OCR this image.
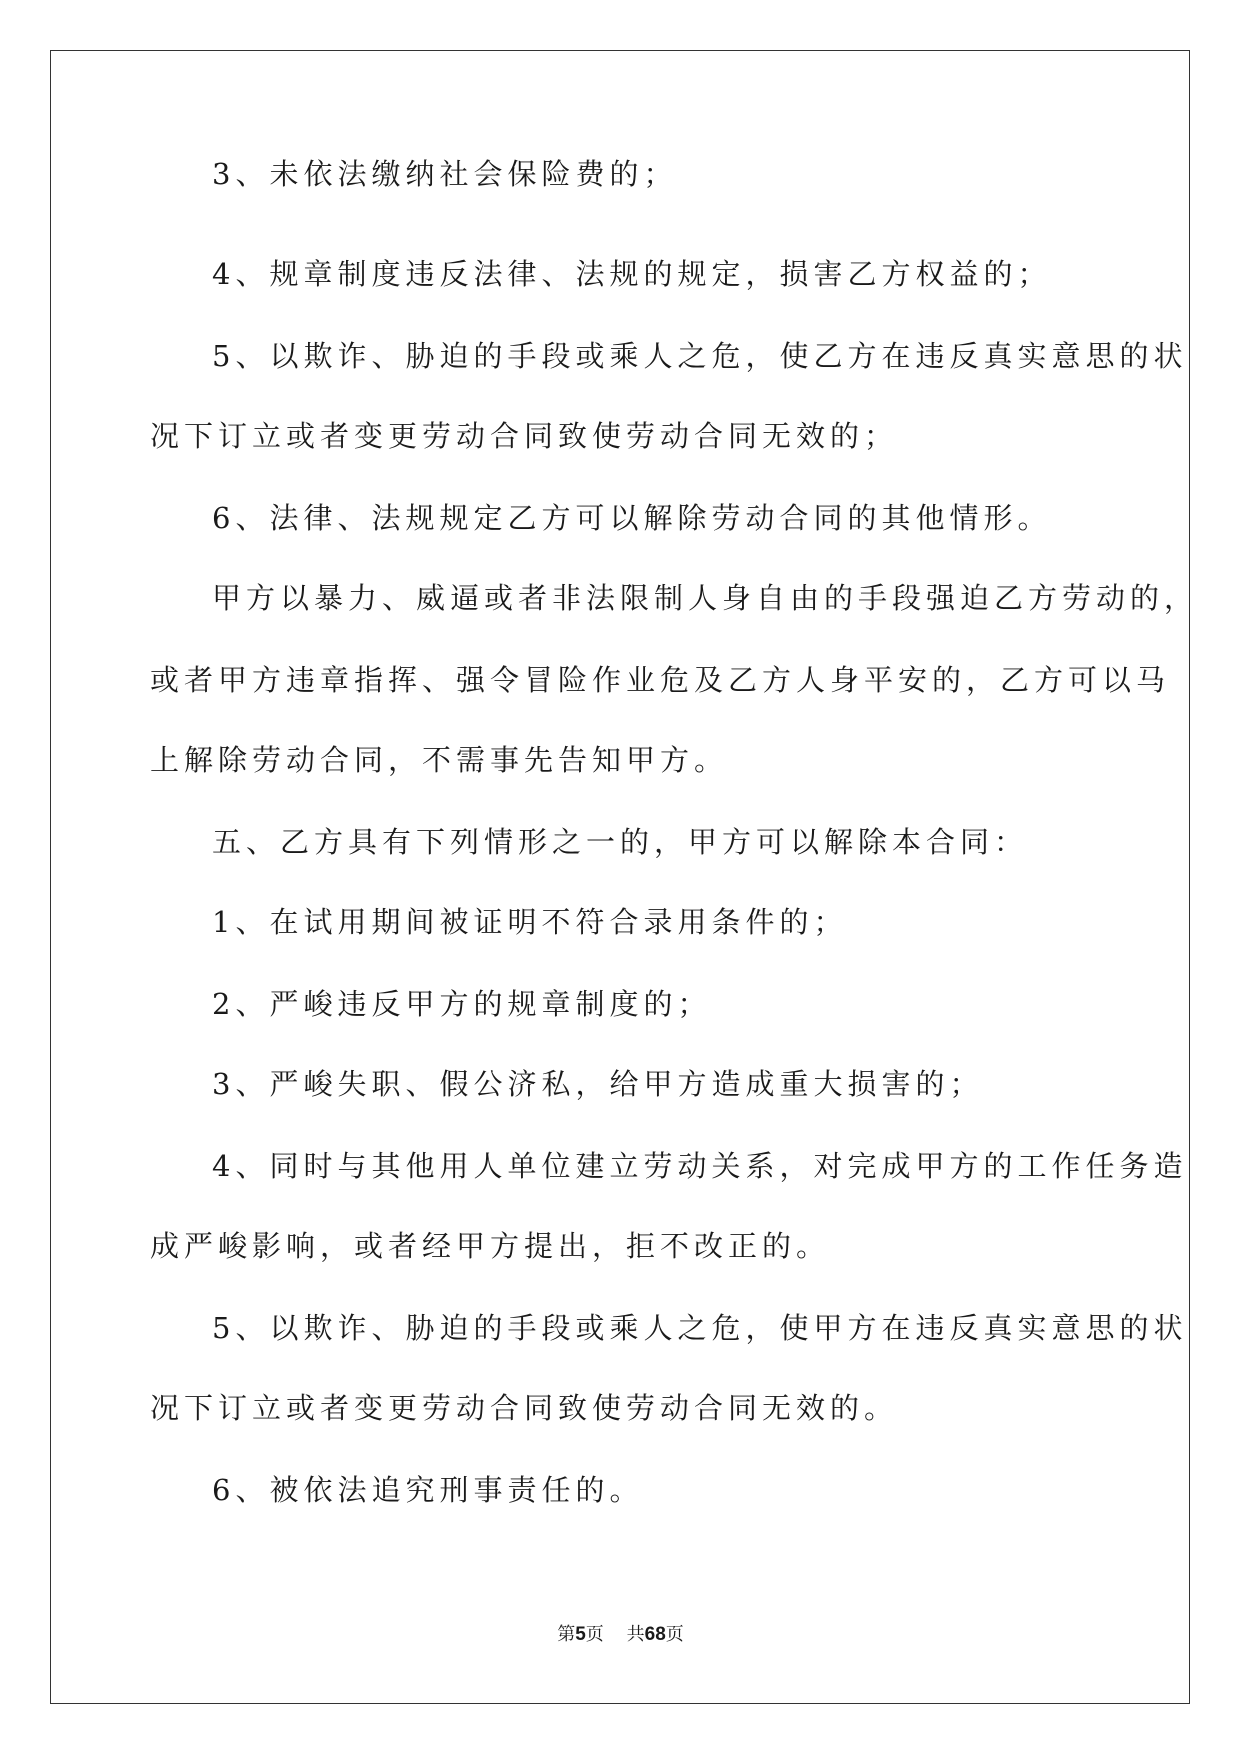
3、未依法缴纳社会保险费的；
4、规章制度违反法律、法规的规定，损害乙方权益的；
5、以欺诈、胁迫的手段或乘人之危，使乙方在违反真实意思的状
况下订立或者变更劳动合同致使劳动合同无效的；
6、法律、法规规定乙方可以解除劳动合同的其他情形。
甲方以暴力、威逼或者非法限制人身自由的手段强迫乙方劳动的，
或者甲方违章指挥、强令冒险作业危及乙方人身平安的，乙方可以马
上解除劳动合同，不需事先告知甲方。
五、乙方具有下列情形之一的，甲方可以解除本合同：
1、在试用期间被证明不符合录用条件的；
2、严峻违反甲方的规章制度的；
3、严峻失职、假公济私，给甲方造成重大损害的；
4、同时与其他用人单位建立劳动关系，对完成甲方的工作任务造
成严峻影响，或者经甲方提出，拒不改正的。
5、以欺诈、胁迫的手段或乘人之危，使甲方在违反真实意思的状
况下订立或者变更劳动合同致使劳动合同无效的。
6、被依法追究刑事责任的。
第5页 共68页
